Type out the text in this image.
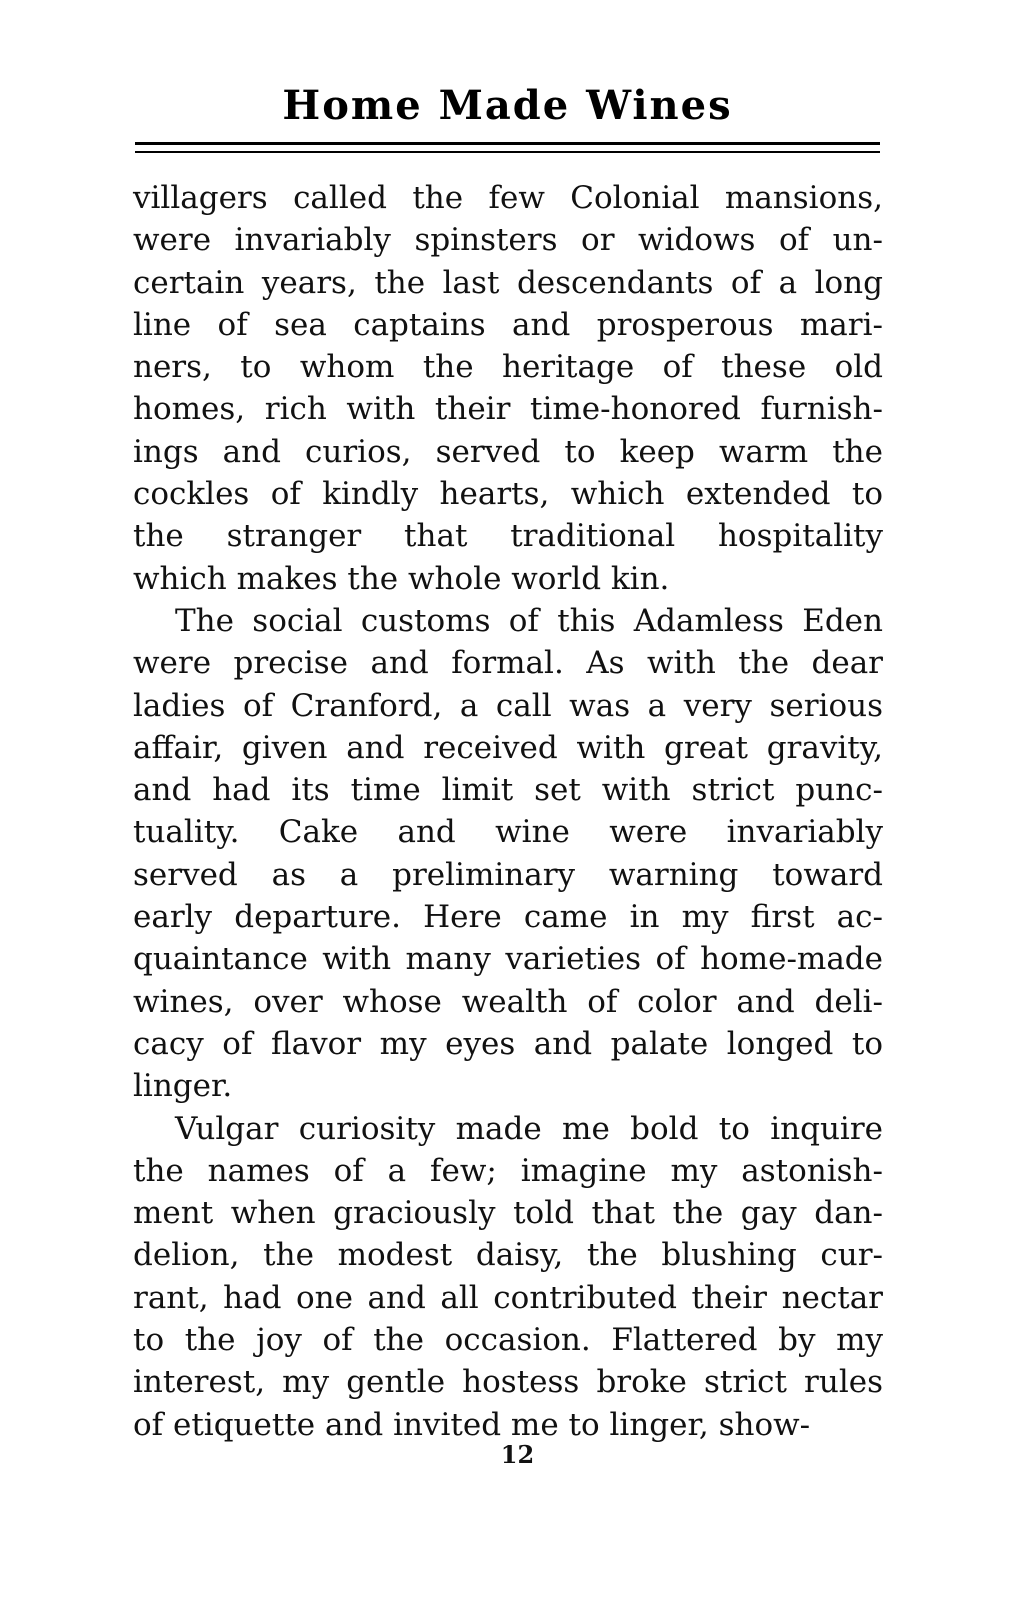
Home Made Wines
villagers called the few Colonial mansions,
were invariably spinsters or widows of un-
certain years, the last descendants of a long
line of sea captains and prosperous mari-
ners, to whom the heritage of these old
homes, rich with their time-honored furnish-
ings and curios, served to keep warm the
cockles of kindly hearts, which extended to
the stranger that traditional hospitality
which makes the whole world kin.
The social customs of this Adamless Eden
were precise and formal. As with the dear
ladies of Cranford, a call was a very serious
affair, given and received with great gravity,
and had its time limit set with strict punc-
tuality. Cake and wine were invariably
served as a preliminary warning toward
early departure. Here came in my first ac-
quaintance with many varieties of home-made
wines, over whose wealth of color and deli-
cacy of flavor my eyes and palate longed to
linger.
Vulgar curiosity made me bold to inquire
the names of a few; imagine my astonish-
ment when graciously told that the gay dan-
delion, the modest daisy, the blushing cur-
rant, had one and all contributed their nectar
to the joy of the occasion. Flattered by my
interest, my gentle hostess broke strict rules
of etiquette and invited me to linger, show-
12
